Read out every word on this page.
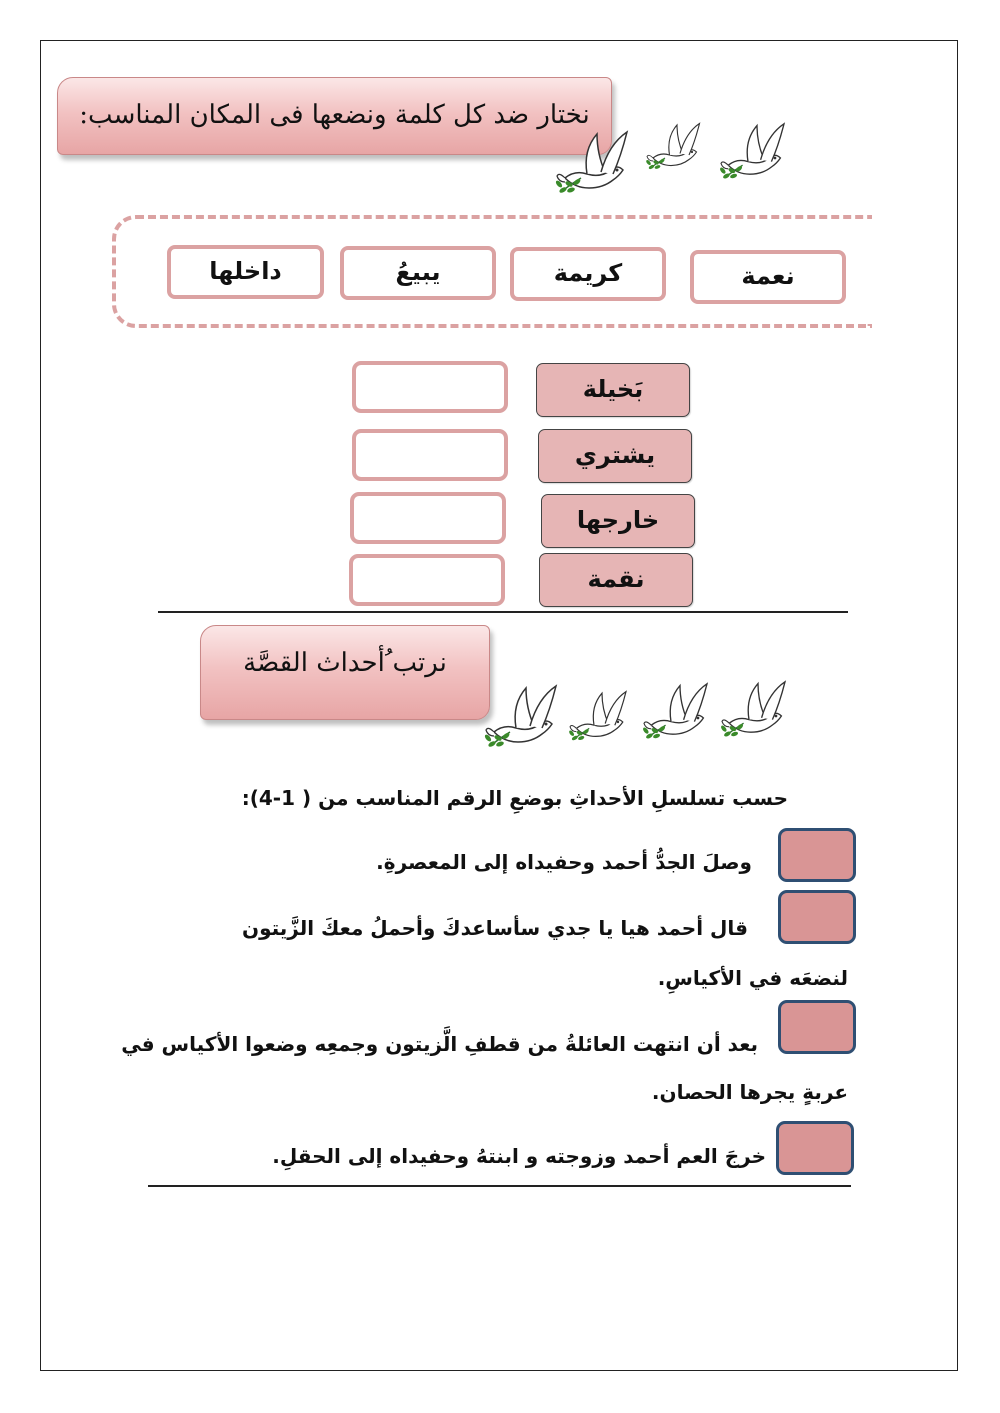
نختار ضد كل كلمة ونضعها فى المكان المناسب:
نعمة
كريمة
يبيعُ
داخلها
بَخيلة
يشتري
خارجها
نقمة
نرتب ُأحداث القصَّة
حسب تسلسلِ الأحداثِ بوضعِ الرقم المناسب من ( 1-4):
وصلَ الجدُّ أحمد وحفيداه إلى المعصرةِ.
قال أحمد هيا يا جدي سأساعدكَ وأحملُ معكَ الزَّيتون
لنضعَه في الأكياسِ.
بعد أن انتهت العائلةُ من قطفِ الَّزيتون وجمعِه وضعوا الأكياس في
عربةٍ يجرها الحصان.
خرجَ العم أحمد وزوجته و ابنتهُ وحفيداه إلى الحقلِ.
